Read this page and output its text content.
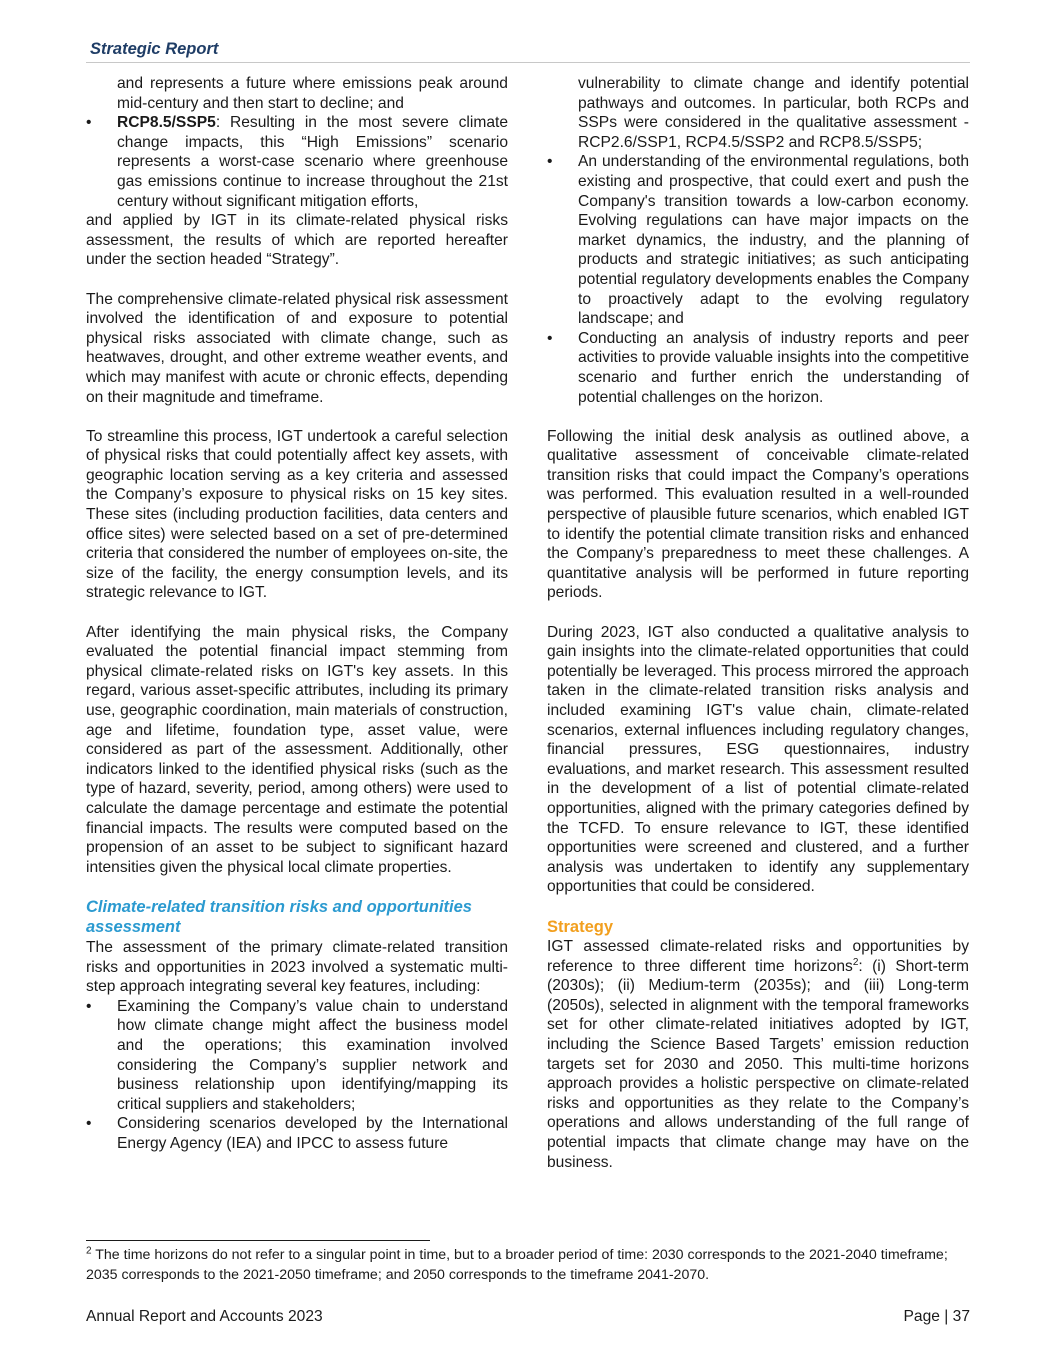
Strategic Report
and represents a future where emissions peak around mid-century and then start to decline; and
•	RCP8.5/SSP5: Resulting in the most severe climate change impacts, this “High Emissions” scenario represents a worst-case scenario where greenhouse gas emissions continue to increase throughout the 21st century without significant mitigation efforts,
and applied by IGT in its climate-related physical risks assessment, the results of which are reported hereafter under the section headed “Strategy”.
The comprehensive climate-related physical risk assessment involved the identification of and exposure to potential physical risks associated with climate change, such as heatwaves, drought, and other extreme weather events, and which may manifest with acute or chronic effects, depending on their magnitude and timeframe.
To streamline this process, IGT undertook a careful selection of physical risks that could potentially affect key assets, with geographic location serving as a key criteria and assessed the Company’s exposure to physical risks on 15 key sites. These sites (including production facilities, data centers and office sites) were selected based on a set of pre-determined criteria that considered the number of employees on-site, the size of the facility, the energy consumption levels, and its strategic relevance to IGT.
After identifying the main physical risks, the Company evaluated the potential financial impact stemming from physical climate-related risks on IGT's key assets. In this regard, various asset-specific attributes, including its primary use, geographic coordination, main materials of construction, age and lifetime, foundation type, asset value, were considered as part of the assessment. Additionally, other indicators linked to the identified physical risks (such as the type of hazard, severity, period, among others) were used to calculate the damage percentage and estimate the potential financial impacts. The results were computed based on the propension of an asset to be subject to significant hazard intensities given the physical local climate properties.
Climate-related transition risks and opportunities assessment
The assessment of the primary climate-related transition risks and opportunities in 2023 involved a systematic multi-step approach integrating several key features, including:
•	Examining the Company’s value chain to understand how climate change might affect the business model and the operations; this examination involved considering the Company’s supplier network and business relationship upon identifying/mapping its critical suppliers and stakeholders;
•	Considering scenarios developed by the International Energy Agency (IEA) and IPCC to assess future
vulnerability to climate change and identify potential pathways and outcomes. In particular, both RCPs and SSPs were considered in the qualitative assessment - RCP2.6/SSP1, RCP4.5/SSP2 and RCP8.5/SSP5;
•	An understanding of the environmental regulations, both existing and prospective, that could exert and push the Company's transition towards a low-carbon economy. Evolving regulations can have major impacts on the market dynamics, the industry, and the planning of products and strategic initiatives; as such anticipating potential regulatory developments enables the Company to proactively adapt to the evolving regulatory landscape; and
•	Conducting an analysis of industry reports and peer activities to provide valuable insights into the competitive scenario and further enrich the understanding of potential challenges on the horizon.
Following the initial desk analysis as outlined above, a qualitative assessment of conceivable climate-related transition risks that could impact the Company’s operations was performed. This evaluation resulted in a well-rounded perspective of plausible future scenarios, which enabled IGT to identify the potential climate transition risks and enhanced the Company’s preparedness to meet these challenges. A quantitative analysis will be performed in future reporting periods.
During 2023, IGT also conducted a qualitative analysis to gain insights into the climate-related opportunities that could potentially be leveraged. This process mirrored the approach taken in the climate-related transition risks analysis and included examining IGT's value chain, climate-related scenarios, external influences including regulatory changes, financial pressures, ESG questionnaires, industry evaluations, and market research. This assessment resulted in the development of a list of potential climate-related opportunities, aligned with the primary categories defined by the TCFD. To ensure relevance to IGT, these identified opportunities were screened and clustered, and a further analysis was undertaken to identify any supplementary opportunities that could be considered.
Strategy
IGT assessed climate-related risks and opportunities by reference to three different time horizons$^2$: (i) Short-term (2030s); (ii) Medium-term (2035s); and (iii) Long-term (2050s), selected in alignment with the temporal frameworks set for other climate-related initiatives adopted by IGT, including the Science Based Targets’ emission reduction targets set for 2030 and 2050. This multi-time horizons approach provides a holistic perspective on climate-related risks and opportunities as they relate to the Company’s operations and allows understanding of the full range of potential impacts that climate change may have on the business.
$^2$ The time horizons do not refer to a singular point in time, but to a broader period of time: 2030 corresponds to the 2021-2040 timeframe; 2035 corresponds to the 2021-2050 timeframe; and 2050 corresponds to the timeframe 2041-2070.
Annual Report and Accounts 2023	Page | 37
